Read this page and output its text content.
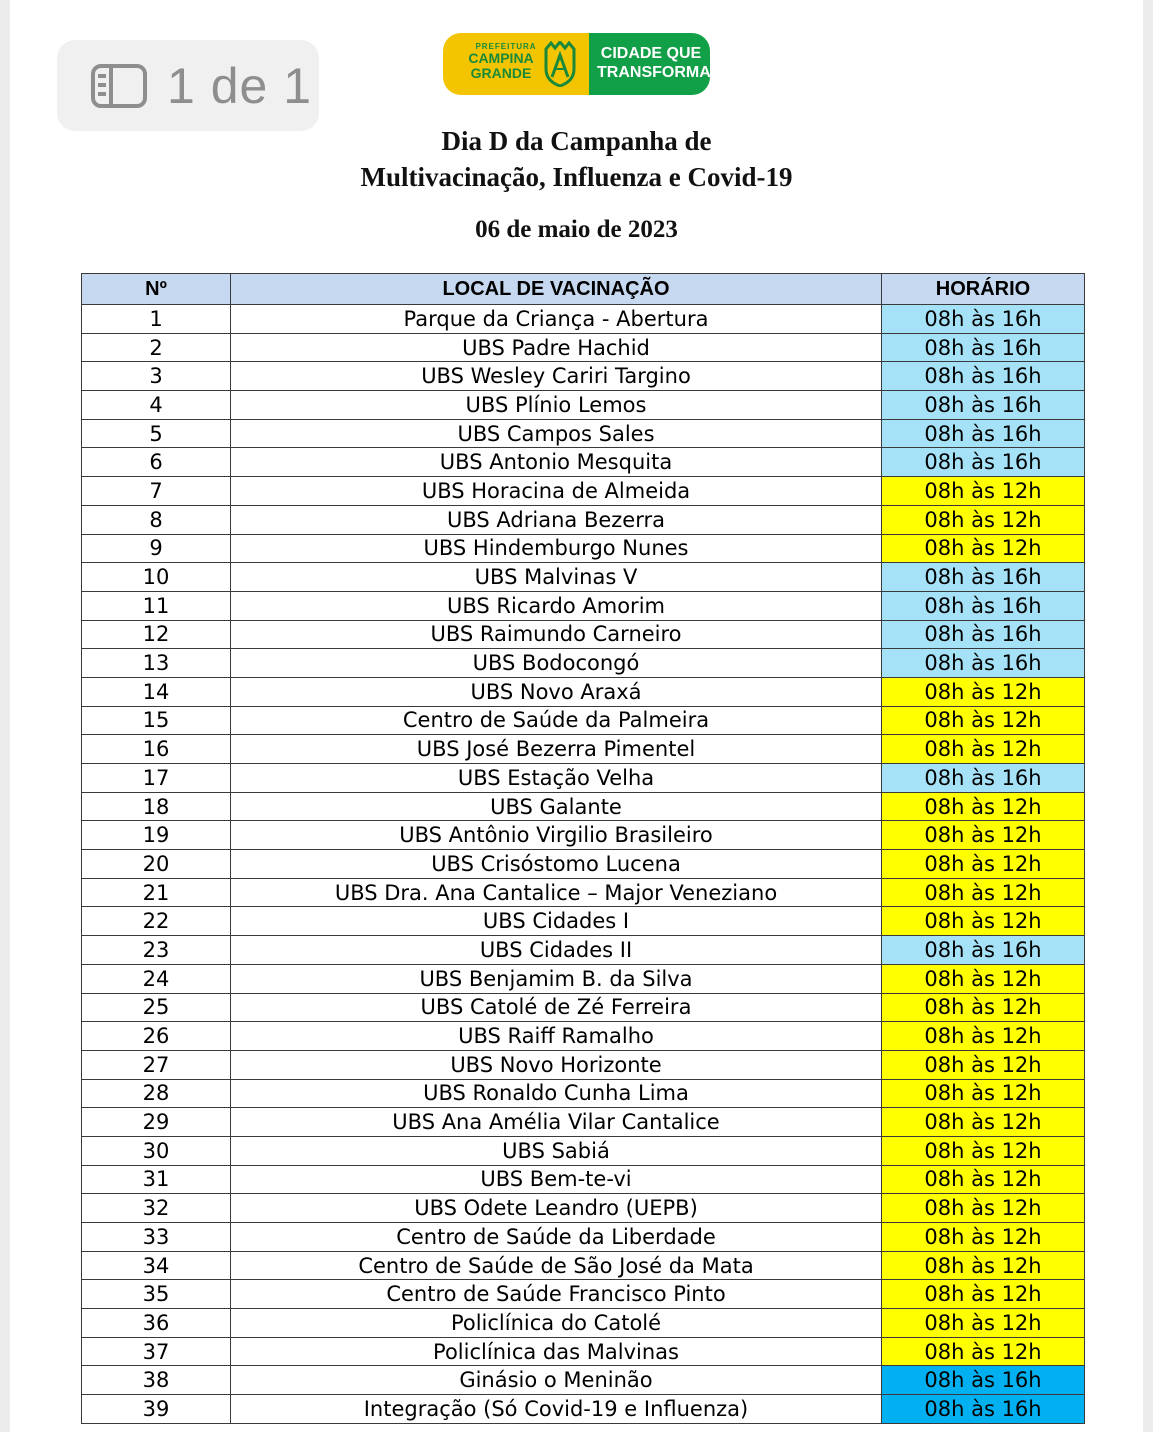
1 de 1
PREFEITURA
CAMPINA
GRANDE
CIDADE QUE
TRANSFORMA
Dia D da Campanha de
Multivacinação, Influenza e Covid-19
06 de maio de 2023
Nº	LOCAL DE VACINAÇÃO	HORÁRIO
1	Parque da Criança - Abertura	08h às 16h
2	UBS Padre Hachid	08h às 16h
3	UBS Wesley Cariri Targino	08h às 16h
4	UBS Plínio Lemos	08h às 16h
5	UBS Campos Sales	08h às 16h
6	UBS Antonio Mesquita	08h às 16h
7	UBS Horacina de Almeida	08h às 12h
8	UBS Adriana Bezerra	08h às 12h
9	UBS Hindemburgo Nunes	08h às 12h
10	UBS Malvinas V	08h às 16h
11	UBS Ricardo Amorim	08h às 16h
12	UBS Raimundo Carneiro	08h às 16h
13	UBS Bodocongó	08h às 16h
14	UBS Novo Araxá	08h às 12h
15	Centro de Saúde da Palmeira	08h às 12h
16	UBS José Bezerra Pimentel	08h às 12h
17	UBS Estação Velha	08h às 16h
18	UBS Galante	08h às 12h
19	UBS Antônio Virgilio Brasileiro	08h às 12h
20	UBS Crisóstomo Lucena	08h às 12h
21	UBS Dra. Ana Cantalice – Major Veneziano	08h às 12h
22	UBS Cidades I	08h às 12h
23	UBS Cidades II	08h às 16h
24	UBS Benjamim B. da Silva	08h às 12h
25	UBS Catolé de Zé Ferreira	08h às 12h
26	UBS Raiff Ramalho	08h às 12h
27	UBS Novo Horizonte	08h às 12h
28	UBS Ronaldo Cunha Lima	08h às 12h
29	UBS Ana Amélia Vilar Cantalice	08h às 12h
30	UBS Sabiá	08h às 12h
31	UBS Bem-te-vi	08h às 12h
32	UBS Odete Leandro (UEPB)	08h às 12h
33	Centro de Saúde da Liberdade	08h às 12h
34	Centro de Saúde de São José da Mata	08h às 12h
35	Centro de Saúde Francisco Pinto	08h às 12h
36	Policlínica do Catolé	08h às 12h
37	Policlínica das Malvinas	08h às 12h
38	Ginásio o Meninão	08h às 16h
39	Integração (Só Covid-19 e Influenza)	08h às 16h
